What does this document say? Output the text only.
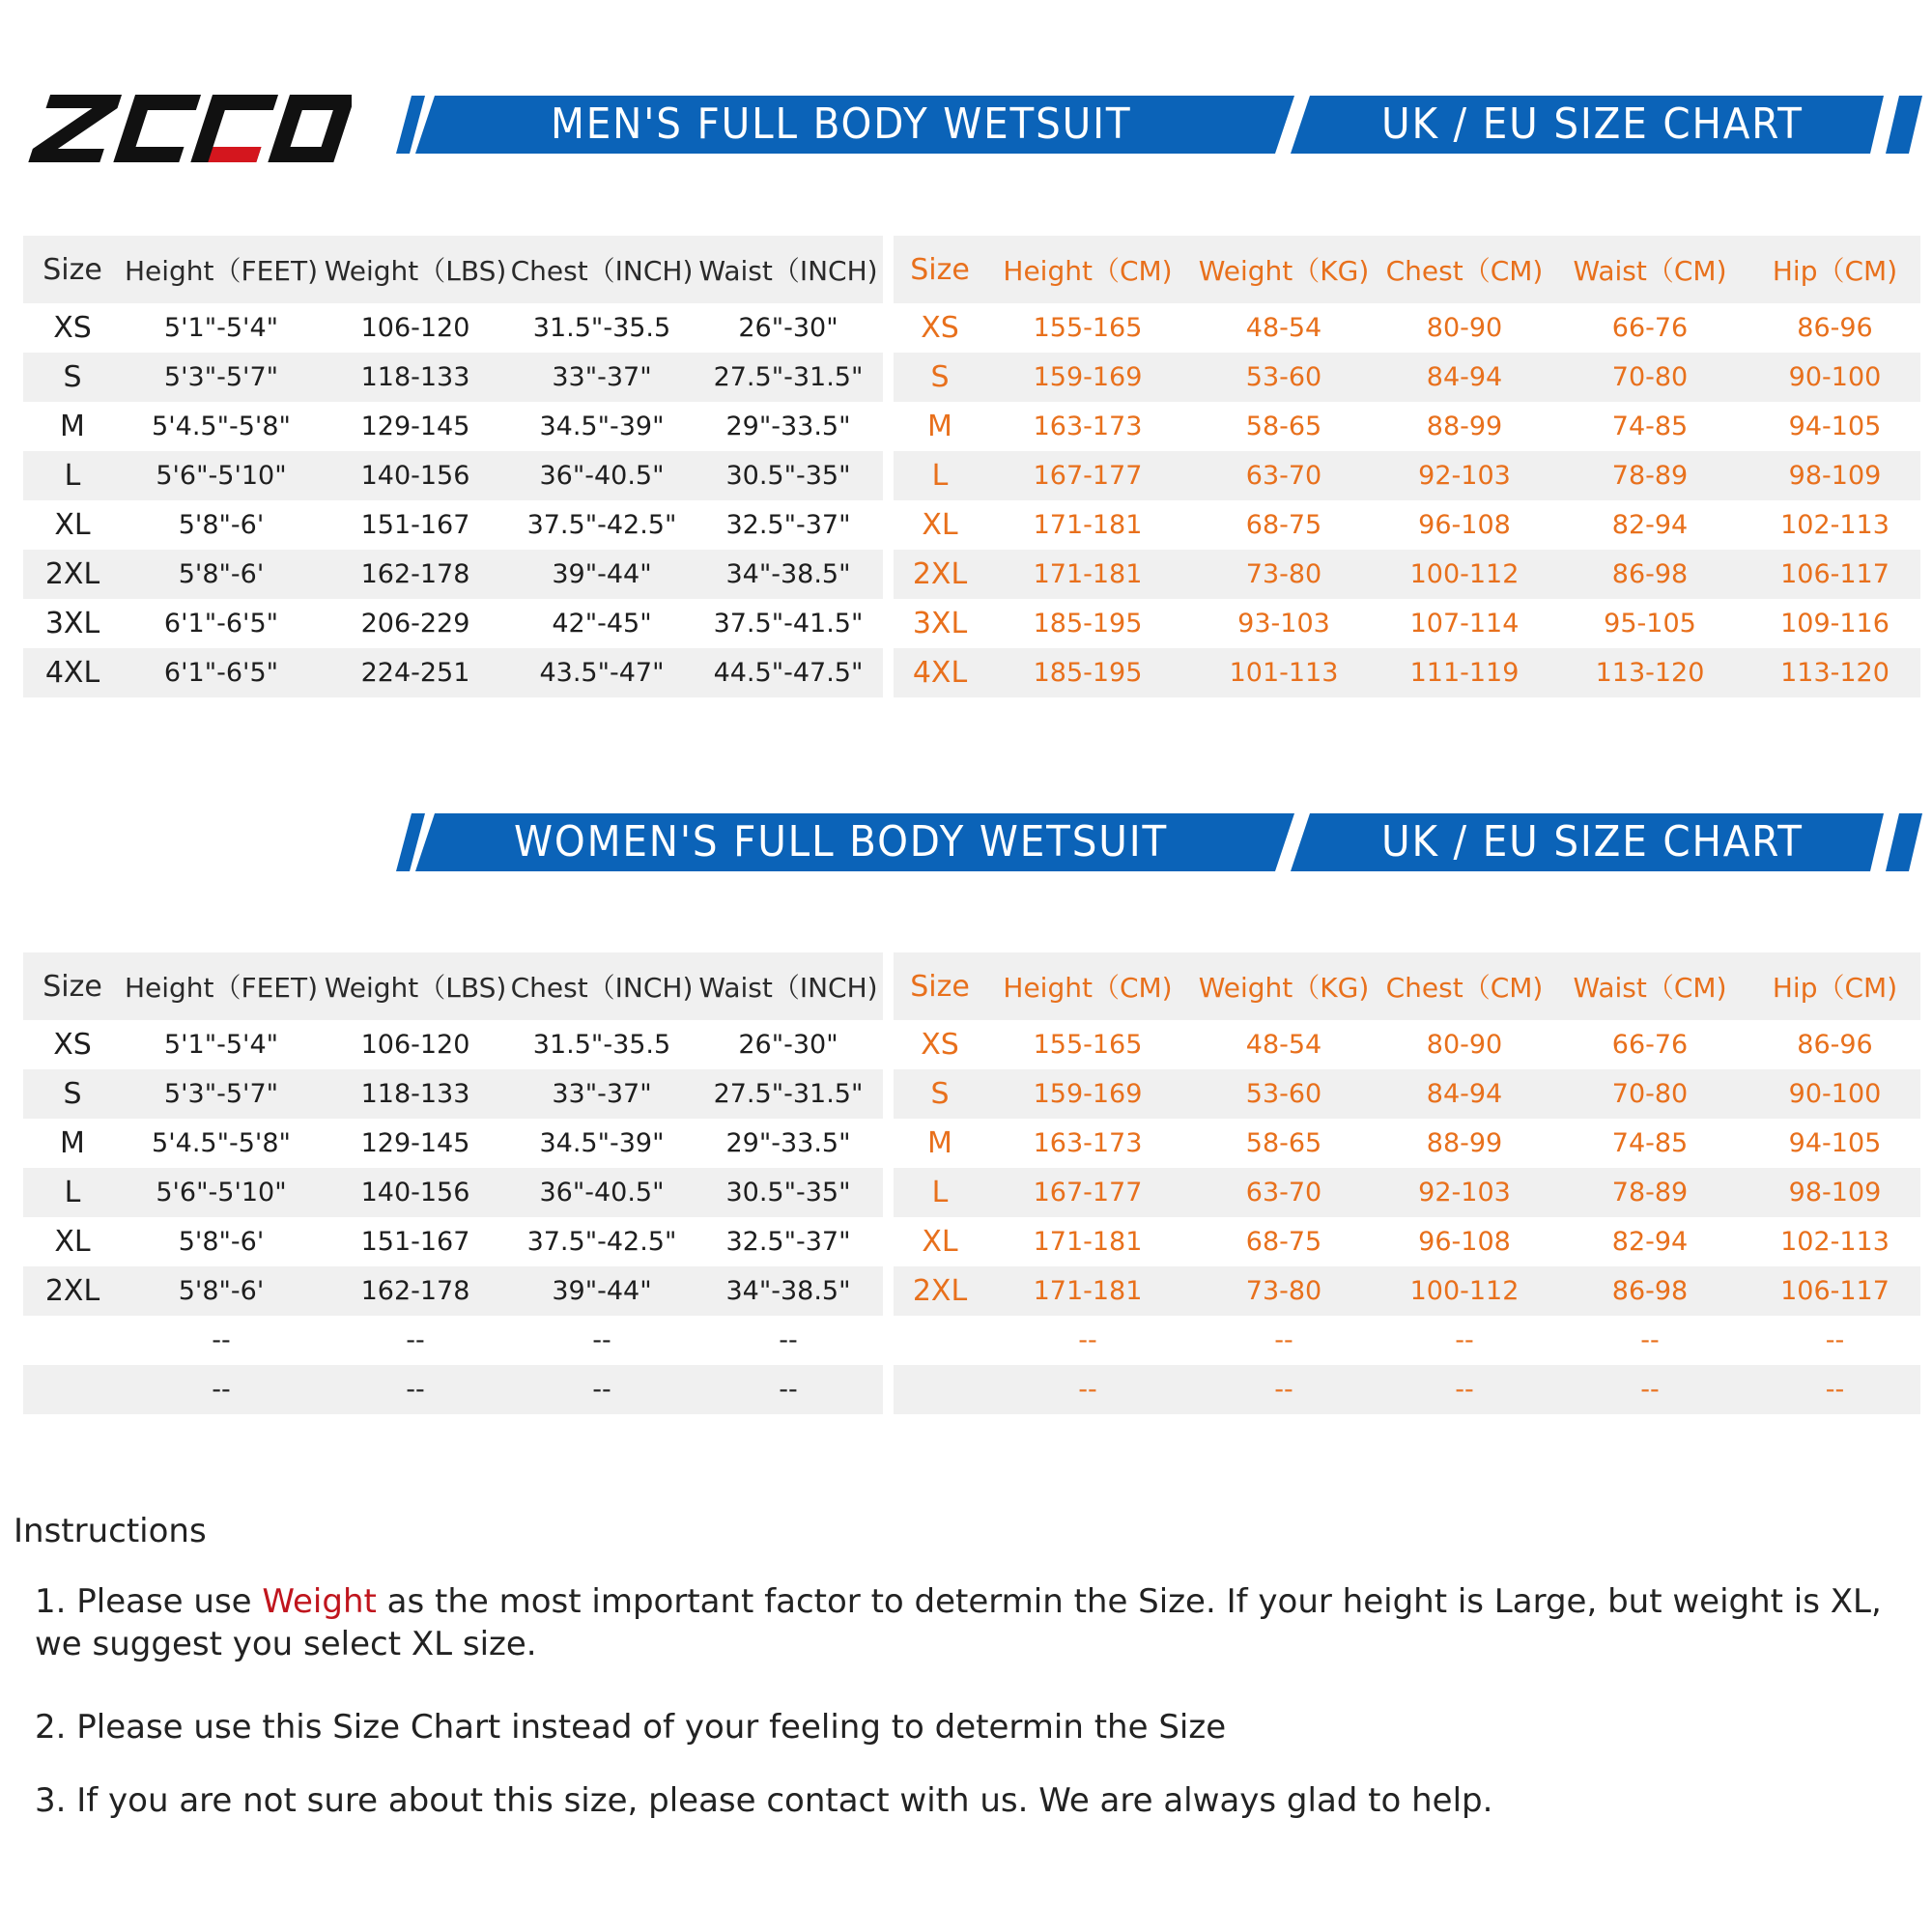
ZCCO
MEN'S FULL BODY WETSUIT	UK / EU SIZE CHART
Size	Height（FEET)	Weight（LBS)	Chest（INCH)	Waist（INCH)
XS	5'1"-5'4"	106-120	31.5"-35.5	26"-30"
S	5'3"-5'7"	118-133	33"-37"	27.5"-31.5"
M	5'4.5"-5'8"	129-145	34.5"-39"	29"-33.5"
L	5'6"-5'10"	140-156	36"-40.5"	30.5"-35"
XL	5'8"-6'	151-167	37.5"-42.5"	32.5"-37"
2XL	5'8"-6'	162-178	39"-44"	34"-38.5"
3XL	6'1"-6'5"	206-229	42"-45"	37.5"-41.5"
4XL	6'1"-6'5"	224-251	43.5"-47"	44.5"-47.5"
Size	Height（CM)	Weight（KG)	Chest（CM)	Waist（CM)	Hip（CM)
XS	155-165	48-54	80-90	66-76	86-96
S	159-169	53-60	84-94	70-80	90-100
M	163-173	58-65	88-99	74-85	94-105
L	167-177	63-70	92-103	78-89	98-109
XL	171-181	68-75	96-108	82-94	102-113
2XL	171-181	73-80	100-112	86-98	106-117
3XL	185-195	93-103	107-114	95-105	109-116
4XL	185-195	101-113	111-119	113-120	113-120
WOMEN'S FULL BODY WETSUIT	UK / EU SIZE CHART
Size	Height（FEET)	Weight（LBS)	Chest（INCH)	Waist（INCH)
XS	5'1"-5'4"	106-120	31.5"-35.5	26"-30"
S	5'3"-5'7"	118-133	33"-37"	27.5"-31.5"
M	5'4.5"-5'8"	129-145	34.5"-39"	29"-33.5"
L	5'6"-5'10"	140-156	36"-40.5"	30.5"-35"
XL	5'8"-6'	151-167	37.5"-42.5"	32.5"-37"
2XL	5'8"-6'	162-178	39"-44"	34"-38.5"
	--	--	--	--
	--	--	--	--
Size	Height（CM)	Weight（KG)	Chest（CM)	Waist（CM)	Hip（CM)
XS	155-165	48-54	80-90	66-76	86-96
S	159-169	53-60	84-94	70-80	90-100
M	163-173	58-65	88-99	74-85	94-105
L	167-177	63-70	92-103	78-89	98-109
XL	171-181	68-75	96-108	82-94	102-113
2XL	171-181	73-80	100-112	86-98	106-117
	--	--	--	--	--
	--	--	--	--	--
Instructions
1. Please use Weight as the most important factor to determin the Size. If your height is Large, but weight is XL, we suggest you select XL size.
2. Please use this Size Chart instead of your feeling to determin the Size
3. If you are not sure about this size, please contact with us. We are always glad to help.
